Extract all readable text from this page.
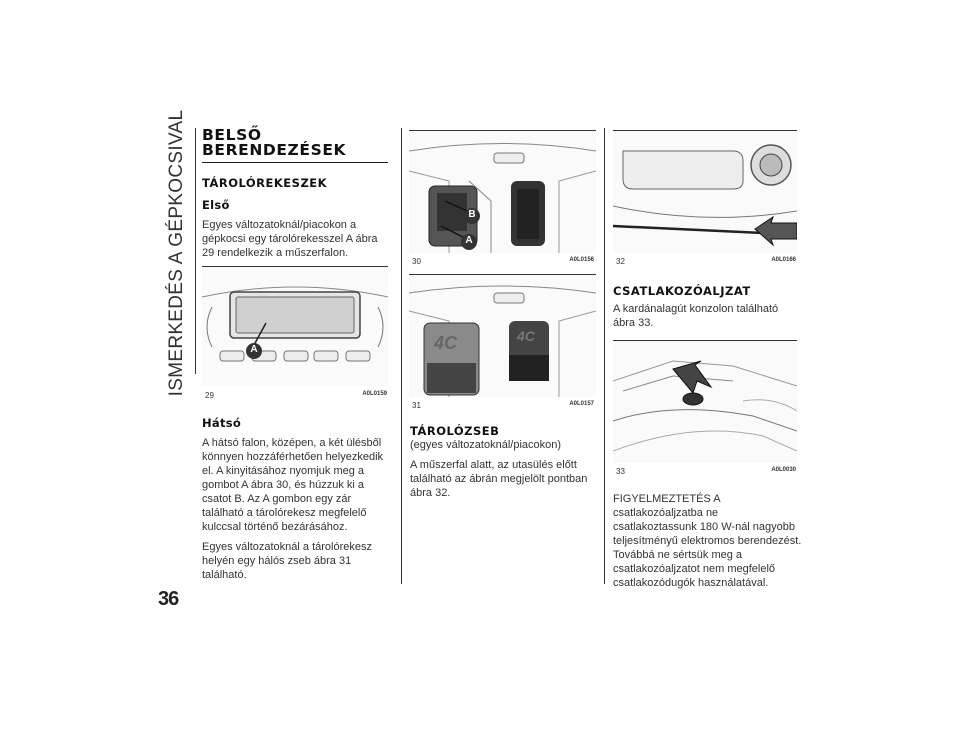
ISMERKEDÉS A GÉPKOCSIVAL
36
BELSŐ
BERENDEZÉSEK
TÁROLÓREKESZEK
Első

Egyes változatoknál/piacokon a gépkocsi egy tárolórekesszel A ábra 29 rendelkezik a műszerfalon.

A
29	A0L0159
Hátsó

A hátsó falon, középen, a két ülésből könnyen hozzáférhetően helyezkedik el. A kinyitásához nyomjuk meg a gombot A ábra 30, és húzzuk ki a csatot B. Az A gombon egy zár található a tárolórekesz megfelelő kulccsal történő bezárásához.

Egyes változatoknál a tárolórekesz helyén egy hálós zseb ábra 31 található.

B
A
30	A0L0156
4C	4C
31	A0L0157
TÁROLÓZSEB

(egyes változatoknál/piacokon)

A műszerfal alatt, az utasülés előtt található az ábrán megjelölt pontban ábra 32.

32	A0L0166
CSATLAKOZÓALJZAT

A kardánalagút konzolon található ábra 33.

33	A0L0030

FIGYELMEZTETÉS A csatlakozóaljzatba ne csatlakoztassunk 180 W-nál nagyobb teljesítményű elektromos berendezést. Továbbá ne sértsük meg a csatlakozóaljzatot nem megfelelő csatlakozódugók használatával.
